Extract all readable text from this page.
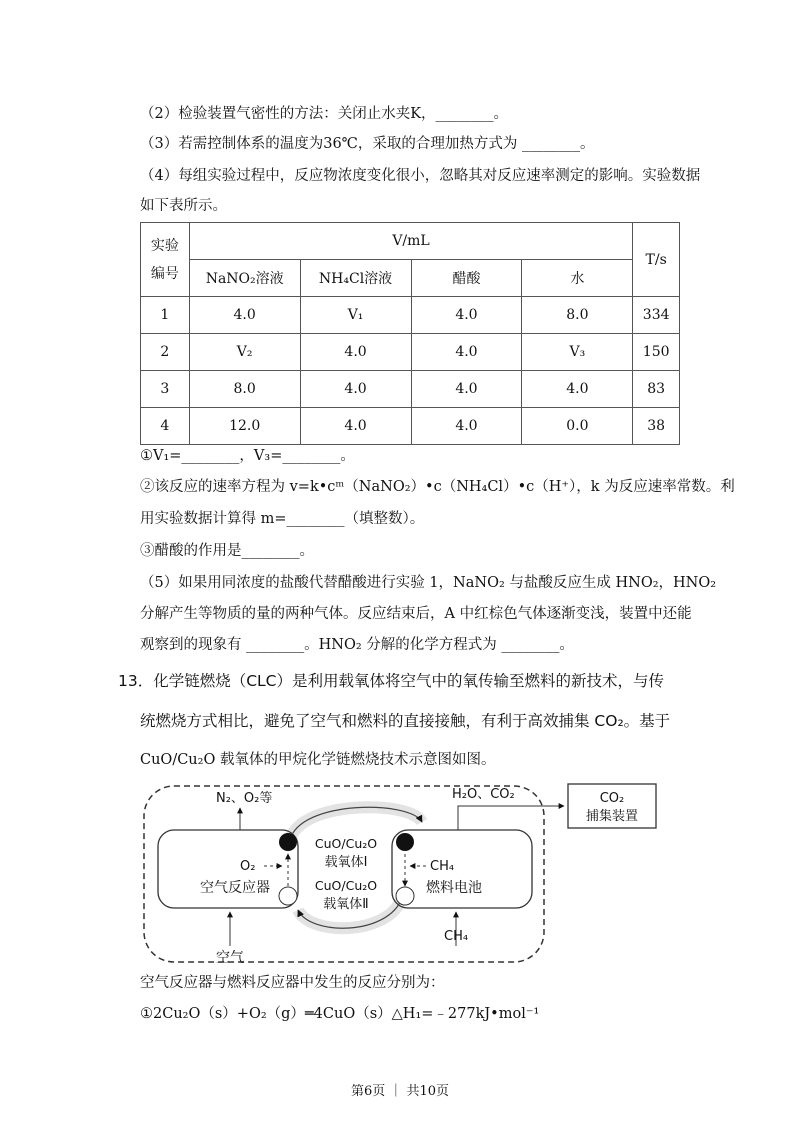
（2）检验装置气密性的方法：关闭止水夹K，________。
（3）若需控制体系的温度为36℃，采取的合理加热方式为 ________。
（4）每组实验过程中，反应物浓度变化很小，忽略其对反应速率测定的影响。实验数据
如下表所示。
实验
编号	V/mL				T/s
	NaNO₂溶液	NH₄Cl溶液	醋酸	水	
1	4.0	V₁	4.0	8.0	334
2	V₂	4.0	4.0	V₃	150
3	8.0	4.0	4.0	4.0	83
4	12.0	4.0	4.0	0.0	38
①V₁=________，V₃=________。
②该反应的速率方程为 v=k•cᵐ（NaNO₂）•c（NH₄Cl）•c（H⁺），k 为反应速率常数。利
用实验数据计算得 m=________（填整数）。
③醋酸的作用是________。
（5）如果用同浓度的盐酸代替醋酸进行实验 1，NaNO₂ 与盐酸反应生成 HNO₂，HNO₂
分解产生等物质的量的两种气体。反应结束后，A 中红棕色气体逐渐变浅，装置中还能
观察到的现象有 ________。HNO₂ 分解的化学方程式为 ________。
13．化学链燃烧（CLC）是利用载氧体将空气中的氧传输至燃料的新技术，与传
统燃烧方式相比，避免了空气和燃料的直接接触，有利于高效捕集 CO₂。基于
CuO/Cu₂O 载氧体的甲烷化学链燃烧技术示意图如图。
N₂、O₂等	H₂O、CO₂	CO₂
捕集装置
O₂
空气反应器
CuO/Cu₂O
载氧体Ⅰ
CuO/Cu₂O
载氧体Ⅱ
CH₄
燃料电池
空气
CH₄
空气反应器与燃料反应器中发生的反应分别为：
①2Cu₂O（s）+O₂（g）═4CuO（s）△H₁=﹣277kJ•mol⁻¹
第6页 ｜ 共10页
